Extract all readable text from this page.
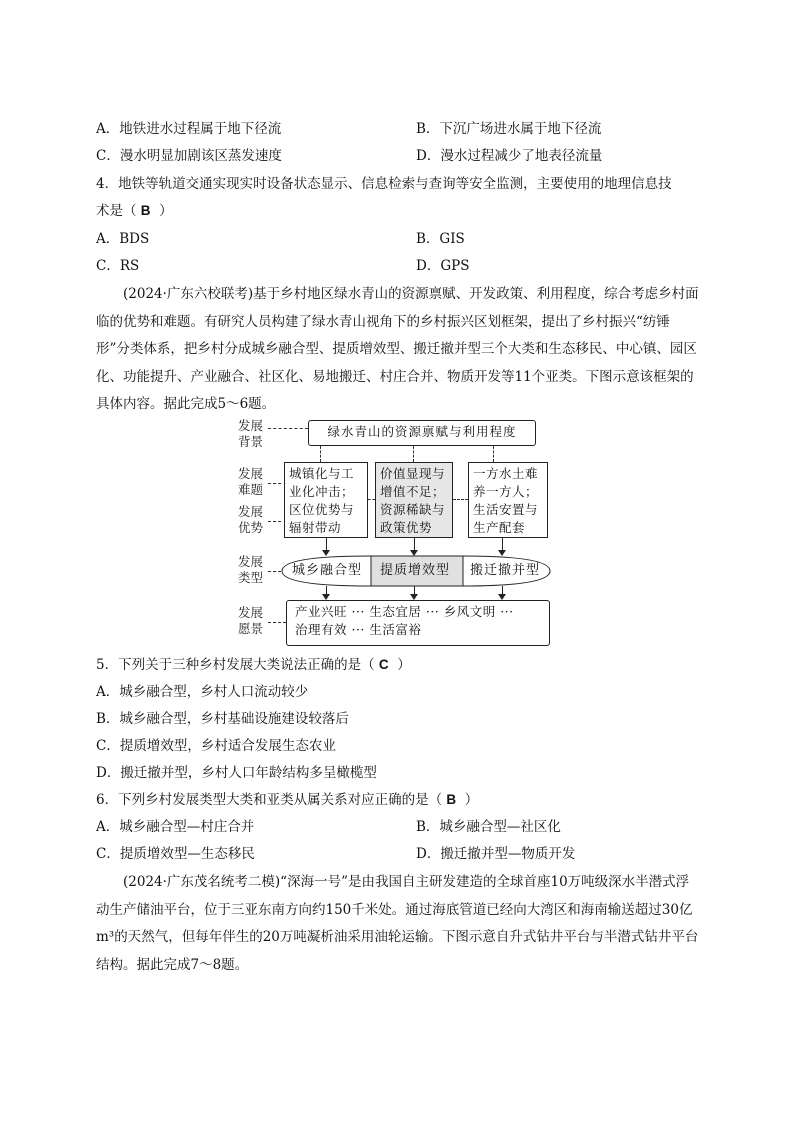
A．地铁进水过程属于地下径流	B．下沉广场进水属于地下径流
C．漫水明显加剧该区蒸发速度	D．漫水过程减少了地表径流量
4．地铁等轨道交通实现实时设备状态显示、信息检索与查询等安全监测，主要使用的地理信息技
术是（ B ）
A．BDS	B．GIS
C．RS	D．GPS
(2024·广东六校联考)基于乡村地区绿水青山的资源禀赋、开发政策、利用程度，综合考虑乡村面临的优势和难题。有研究人员构建了绿水青山视角下的乡村振兴区划框架，提出了乡村振兴“纺锤形”分类体系，把乡村分成城乡融合型、提质增效型、搬迁撤并型三个大类和生态移民、中心镇、园区化、功能提升、产业融合、社区化、易地搬迁、村庄合并、物质开发等11个亚类。下图示意该框架的具体内容。据此完成5～6题。
发展
背景
发展
难题
发展
优势
发展
类型
发展
愿景
绿水青山的资源禀赋与利用程度
城镇化与工业化冲击；区位优势与辐射带动
价值显现与增值不足；资源稀缺与政策优势
一方水土难养一方人；生活安置与生产配套
城乡融合型 提质增效型 搬迁撤并型
产业兴旺 ··· 生态宜居 ··· 乡风文明 ···
治理有效 ··· 生活富裕
5．下列关于三种乡村发展大类说法正确的是（ C ）
A．城乡融合型，乡村人口流动较少
B．城乡融合型，乡村基础设施建设较落后
C．提质增效型，乡村适合发展生态农业
D．搬迁撤并型，乡村人口年龄结构多呈橄榄型
6．下列乡村发展类型大类和亚类从属关系对应正确的是（ B ）
A．城乡融合型—村庄合并	B．城乡融合型—社区化
C．提质增效型—生态移民	D．搬迁撤并型—物质开发
(2024·广东茂名统考二模)“深海一号”是由我国自主研发建造的全球首座10万吨级深水半潜式浮动生产储油平台，位于三亚东南方向约150千米处。通过海底管道已经向大湾区和海南输送超过30亿m³的天然气，但每年伴生的20万吨凝析油采用油轮运输。下图示意自升式钻井平台与半潜式钻井平台结构。据此完成7～8题。
